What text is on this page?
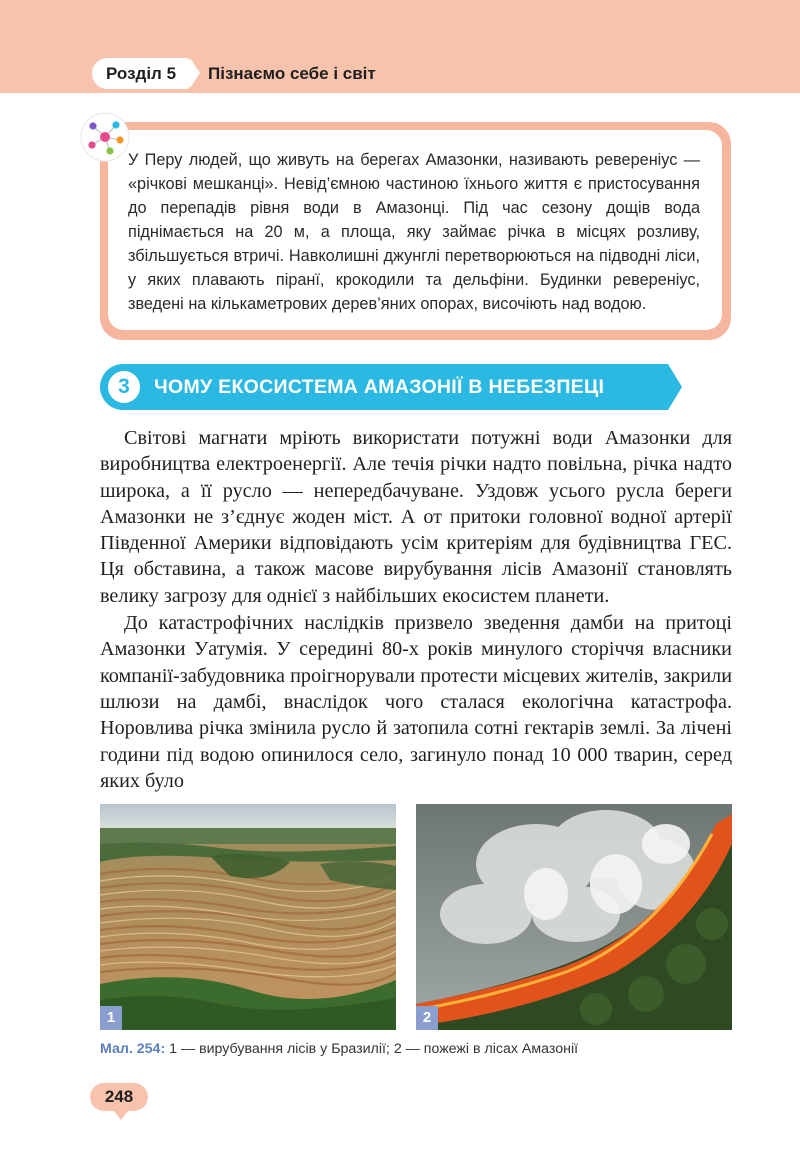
Розділ 5	Пізнаємо себе і світ

У Перу людей, що живуть на берегах Амазонки, називають ревереніус — «річкові мешканці». Невід’ємною частиною їхнього життя є пристосування до перепадів рівня води в Амазонці. Під час сезону дощів вода піднімається на 20 м, а площа, яку займає річка в місцях розливу, збільшується втричі. Навколишні джунглі перетворюються на підводні ліси, у яких плавають піранї, крокодили та дельфіни. Будинки ревереніус, зведені на кількаметрових дерев’яних опорах, височіють над водою.

3	ЧОМУ ЕКОСИСТЕМА АМАЗОНІЇ В НЕБЕЗПЕЦІ

Світові магнати мріють використати потужні води Амазонки для виробництва електроенергії. Але течія річки надто повільна, річка надто широка, а її русло — непередбачуване. Уздовж усього русла береги Амазонки не з’єднує жоден міст. А от притоки головної водної артерії Південної Америки відповідають усім критеріям для будівництва ГЕС. Ця обставина, а також масове вирубування лісів Амазонії становлять велику загрозу для однієї з найбільших екосистем планети.

До катастрофічних наслідків призвело зведення дамби на притоці Амазонки Уатумія. У середині 80-х років минулого сторіччя власники компанії-забудовника проігнорували протести місцевих жителів, закрили шлюзи на дамбі, внаслідок чого сталася екологічна катастрофа. Норовлива річка змінила русло й затопила сотні гектарів землі. За лічені години під водою опинилося село, загинуло понад 10 000 тварин, серед яких було

1	2
Мал. 254: 1 — вирубування лісів у Бразилії; 2 — пожежі в лісах Амазонії
248
